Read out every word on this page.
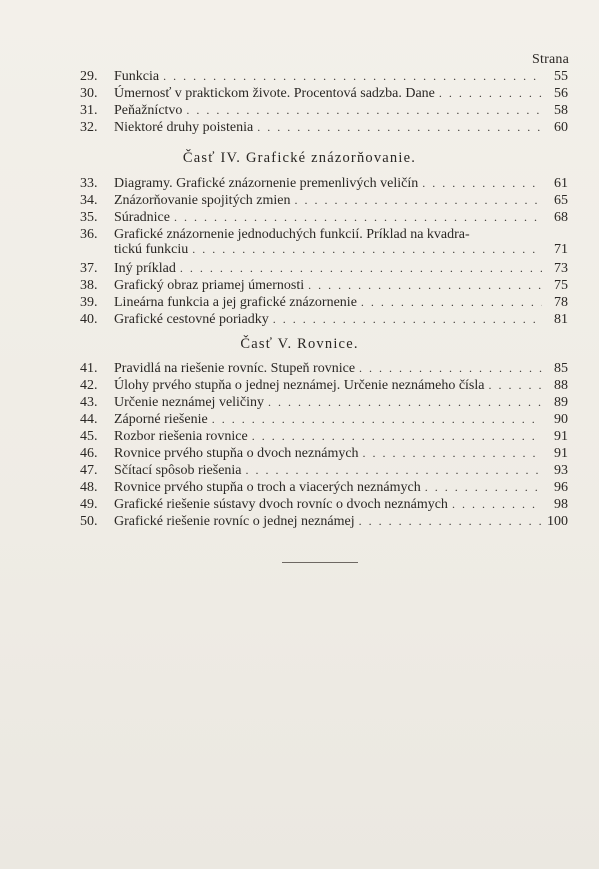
Strana
29.	Funkcia . . .	55
30.	Úmernosť v praktickom živote. Procentová sadzba. Dane . . .	56
31.	Peňažníctvo . . .	58
32.	Niektoré druhy poistenia . . .	60
Časť IV. Grafické znázorňovanie.
33.	Diagramy. Grafické znázornenie premenlivých veličín . . .	61
34.	Znázorňovanie spojitých zmien . . .	65
35.	Súradnice . . .	68
36.	Grafické znázornenie jednoduchých funkcií. Príklad na kvadra-
tickú funkciu . . .	71
37.	Iný príklad . . .	73
38.	Grafický obraz priamej úmernosti . . .	75
39.	Lineárna funkcia a jej grafické znázornenie . . .	78
40.	Grafické cestovné poriadky . . .	81
Časť V. Rovnice.
41.	Pravidlá na riešenie rovníc. Stupeň rovnice . . .	85
42.	Úlohy prvého stupňa o jednej neznámej. Určenie neznámeho čísla . . .	88
43.	Určenie neznámej veličiny . . .	89
44.	Záporné riešenie . . .	90
45.	Rozbor riešenia rovnice . . .	91
46.	Rovnice prvého stupňa o dvoch neznámych . . .	91
47.	Sčítací spôsob riešenia . . .	93
48.	Rovnice prvého stupňa o troch a viacerých neznámych . . .	96
49.	Grafické riešenie sústavy dvoch rovníc o dvoch neznámych . . .	98
50.	Grafické riešenie rovníc o jednej neznámej . . .	100
